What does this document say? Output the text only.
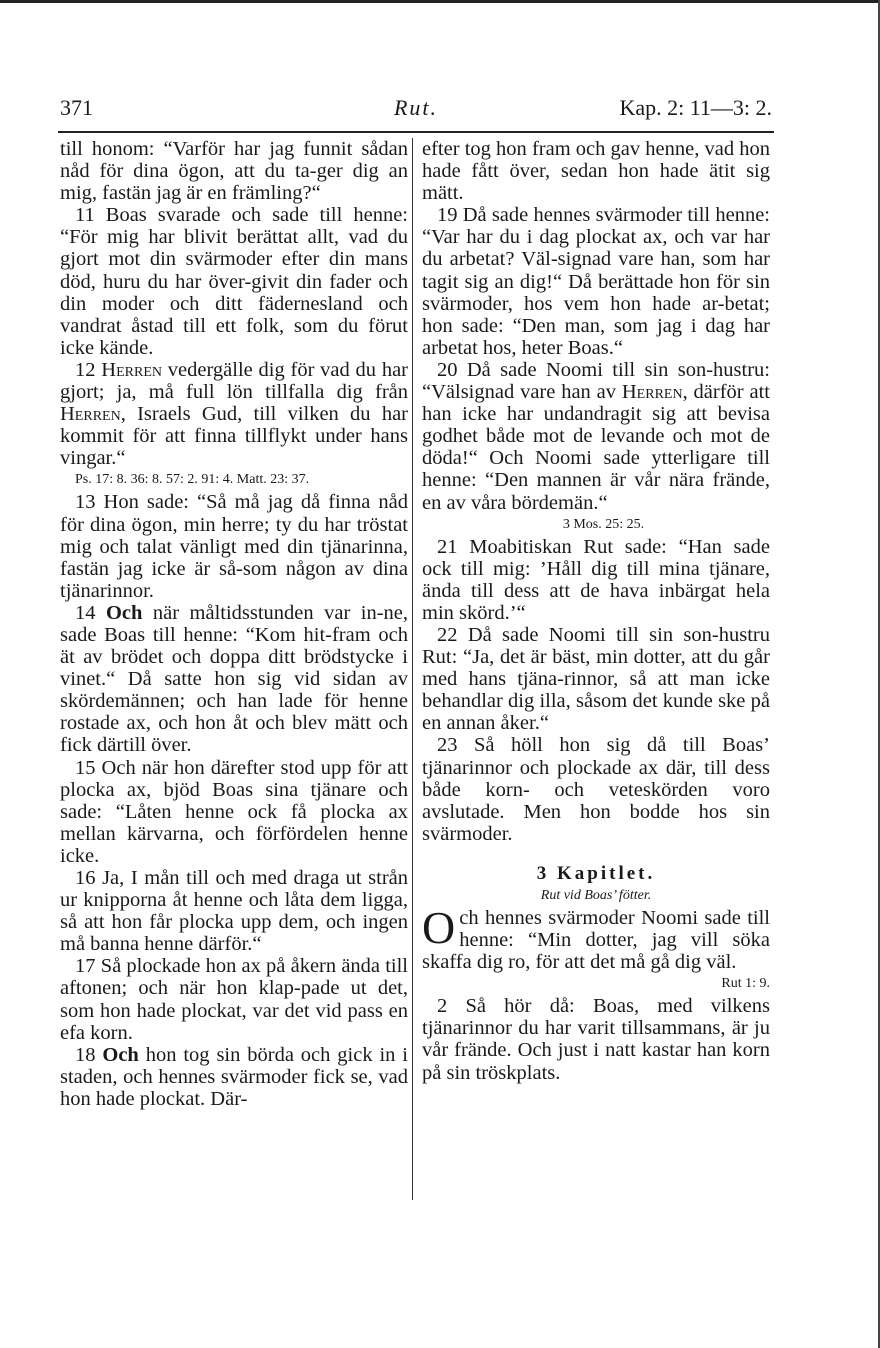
371	Rut.	Kap. 2: 11—3: 2.

till honom: “Varför har jag funnit sådan nåd för dina ögon, att du ta-ger dig an mig, fastän jag är en främling?“

11 Boas svarade och sade till henne: “För mig har blivit berättat allt, vad du gjort mot din svärmoder efter din mans död, huru du har över-givit din fader och din moder och ditt fädernesland och vandrat åstad till ett folk, som du förut icke kände.

12 Herren vedergälle dig för vad du har gjort; ja, må full lön tillfalla dig från Herren, Israels Gud, till vilken du har kommit för att finna tillflykt under hans vingar.“

Ps. 17: 8. 36: 8. 57: 2. 91: 4. Matt. 23: 37.

13 Hon sade: “Så må jag då finna nåd för dina ögon, min herre; ty du har tröstat mig och talat vänligt med din tjänarinna, fastän jag icke är så-som någon av dina tjänarinnor.

14 Och när måltidsstunden var in-ne, sade Boas till henne: “Kom hit-fram och ät av brödet och doppa ditt brödstycke i vinet.“ Då satte hon sig vid sidan av skördemännen; och han lade för henne rostade ax, och hon åt och blev mätt och fick därtill över.

15 Och när hon därefter stod upp för att plocka ax, bjöd Boas sina tjänare och sade: “Låten henne ock få plocka ax mellan kärvarna, och förfördelen henne icke.

16 Ja, I mån till och med draga ut strån ur knipporna åt henne och låta dem ligga, så att hon får plocka upp dem, och ingen må banna henne därför.“

17 Så plockade hon ax på åkern ända till aftonen; och när hon klap-pade ut det, som hon hade plockat, var det vid pass en efa korn.

18 Och hon tog sin börda och gick in i staden, och hennes svärmoder fick se, vad hon hade plockat. Där-

efter tog hon fram och gav henne, vad hon hade fått över, sedan hon hade ätit sig mätt.

19 Då sade hennes svärmoder till henne: “Var har du i dag plockat ax, och var har du arbetat? Väl-signad vare han, som har tagit sig an dig!“ Då berättade hon för sin svärmoder, hos vem hon hade ar-betat; hon sade: “Den man, som jag i dag har arbetat hos, heter Boas.“

20 Då sade Noomi till sin son-hustru: “Välsignad vare han av Herren, därför att han icke har undandragit sig att bevisa godhet både mot de levande och mot de döda!“ Och Noomi sade ytterligare till henne: “Den mannen är vår nära frände, en av våra bördemän.“

3 Mos. 25: 25.

21 Moabitiskan Rut sade: “Han sade ock till mig: ’Håll dig till mina tjänare, ända till dess att de hava inbärgat hela min skörd.’“

22 Då sade Noomi till sin son-hustru Rut: “Ja, det är bäst, min dotter, att du går med hans tjäna-rinnor, så att man icke behandlar dig illa, såsom det kunde ske på en annan åker.“

23 Så höll hon sig då till Boas’ tjänarinnor och plockade ax där, till dess både korn- och veteskörden voro avslutade. Men hon bodde hos sin svärmoder.

3 Kapitlet.
Rut vid Boas’ fötter.

Och hennes svärmoder Noomi sade till henne: “Min dotter, jag vill söka skaffa dig ro, för att det må gå dig väl.

Rut 1: 9.

2 Så hör då: Boas, med vilkens tjänarinnor du har varit tillsammans, är ju vår frände. Och just i natt kastar han korn på sin tröskplats.
